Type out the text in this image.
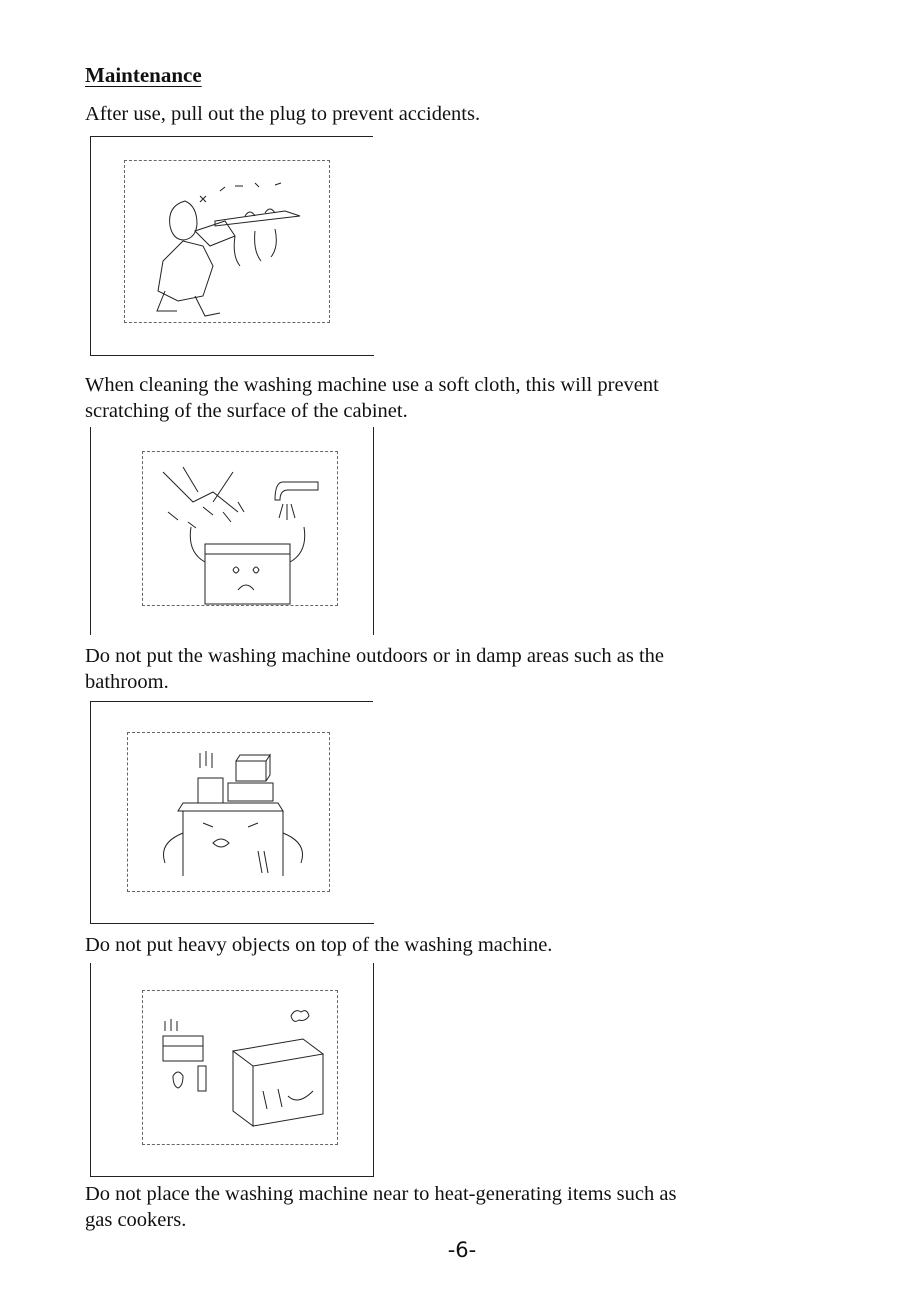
Maintenance

After use, pull out the plug to prevent accidents.

When cleaning the washing machine use a soft cloth, this will prevent

scratching of the surface of the cabinet.

Do not put the washing machine outdoors or in damp areas such as the

bathroom.

Do not put heavy objects on top of the washing machine.

Do not place the washing machine near to heat-generating items such as

gas cookers.

-6-
